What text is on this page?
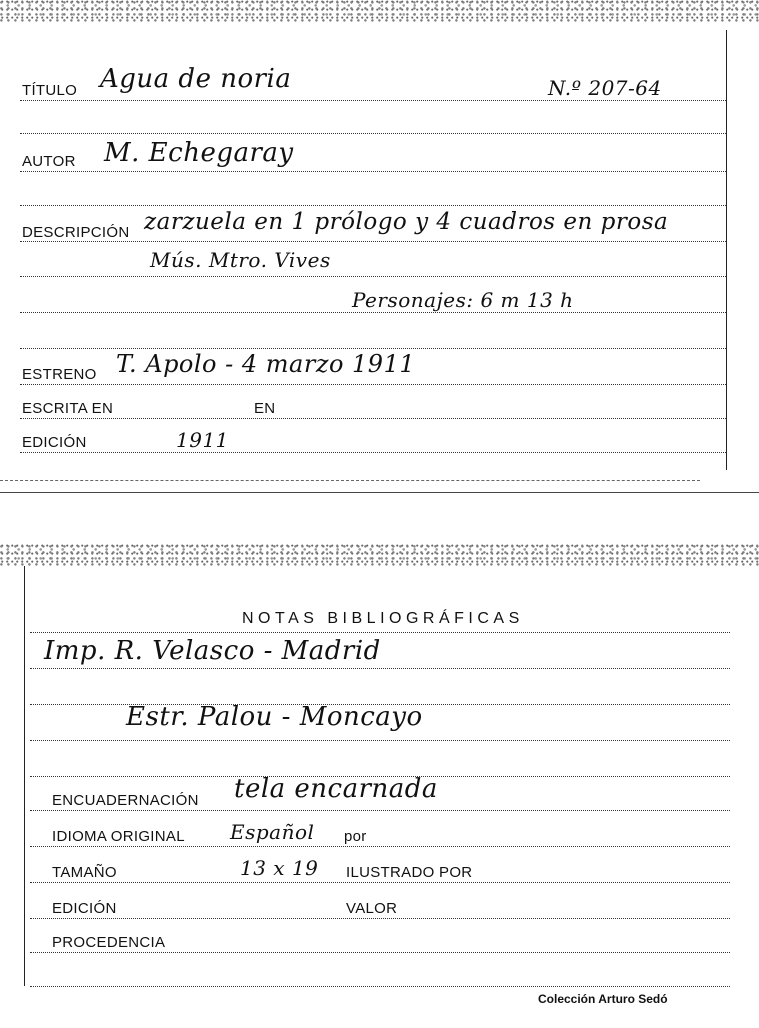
TÍTULO Agua de noria	N.º 207-64
AUTOR M. Echegaray
DESCRIPCIÓN zarzuela en 1 prólogo y 4 cuadros en prosa
Mús. Mtro. Vives
Personajes: 6 m 13 h
ESTRENO T. Apolo - 4 marzo 1911
ESCRITA EN	EN
EDICIÓN	1911
NOTAS BIBLIOGRÁFICAS
Imp. R. Velasco - Madrid
Estr. Palou - Moncayo
ENCUADERNACIÓN tela encarnada
IDIOMA ORIGINAL Español por
TAMAÑO	13 x 19 ILUSTRADO POR
EDICIÓN	VALOR
PROCEDENCIA
Colección Arturo Sedó
